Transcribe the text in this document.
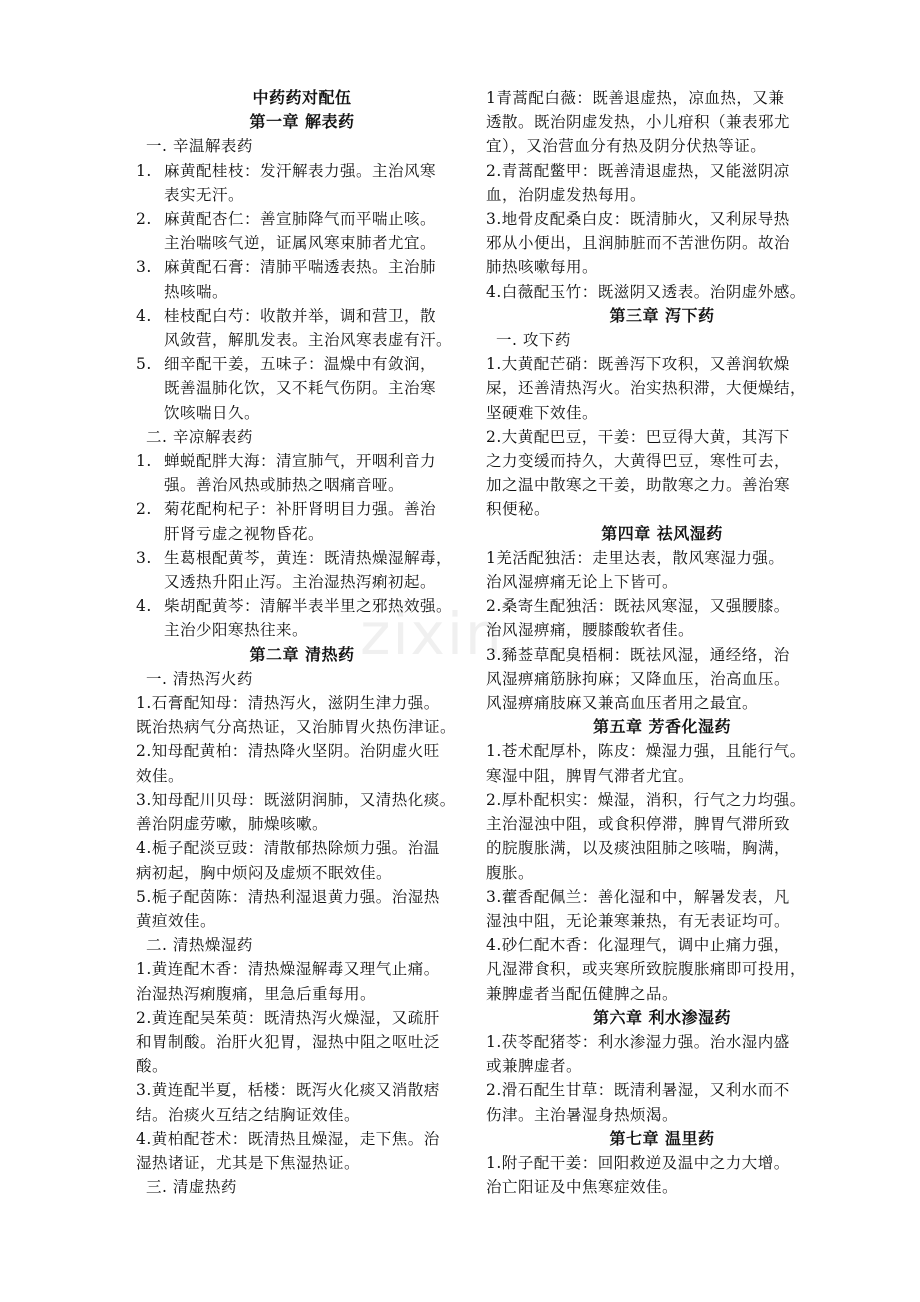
zixin
中药药对配伍
第一章 解表药
一. 辛温解表药
1. 麻黄配桂枝：发汗解表力强。主治风寒
表实无汗。
2. 麻黄配杏仁：善宣肺降气而平喘止咳。
主治喘咳气逆，证属风寒束肺者尤宜。
3. 麻黄配石膏：清肺平喘透表热。主治肺
热咳喘。
4. 桂枝配白芍：收散并举，调和营卫，散
风敛营，解肌发表。主治风寒表虚有汗。
5. 细辛配干姜，五味子：温燥中有敛润，
既善温肺化饮，又不耗气伤阴。主治寒
饮咳喘日久。
二. 辛凉解表药
1. 蝉蜕配胖大海：清宣肺气，开咽利音力
强。善治风热或肺热之咽痛音哑。
2. 菊花配枸杞子：补肝肾明目力强。善治
肝肾亏虚之视物昏花。
3. 生葛根配黄芩，黄连：既清热燥湿解毒，
又透热升阳止泻。主治湿热泻痢初起。
4. 柴胡配黄芩：清解半表半里之邪热效强。
主治少阳寒热往来。
第二章 清热药
一. 清热泻火药
1.石膏配知母：清热泻火，滋阴生津力强。
既治热病气分高热证，又治肺胃火热伤津证。
2.知母配黄柏：清热降火坚阴。治阴虚火旺
效佳。
3.知母配川贝母：既滋阴润肺，又清热化痰。
善治阴虚劳嗽，肺燥咳嗽。
4.栀子配淡豆豉：清散郁热除烦力强。治温
病初起，胸中烦闷及虚烦不眠效佳。
5.栀子配茵陈：清热利湿退黄力强。治湿热
黄疸效佳。
二. 清热燥湿药
1.黄连配木香：清热燥湿解毒又理气止痛。
治湿热泻痢腹痛，里急后重每用。
2.黄连配吴茱萸：既清热泻火燥湿，又疏肝
和胃制酸。治肝火犯胃，湿热中阻之呕吐泛
酸。
3.黄连配半夏，栝楼：既泻火化痰又消散痞
结。治痰火互结之结胸证效佳。
4.黄柏配苍术：既清热且燥湿，走下焦。治
湿热诸证，尤其是下焦湿热证。
三. 清虚热药
1青蒿配白薇：既善退虚热，凉血热，又兼
透散。既治阴虚发热，小儿疳积（兼表邪尤
宜），又治营血分有热及阴分伏热等证。
2.青蒿配鳖甲：既善清退虚热，又能滋阴凉
血，治阴虚发热每用。
3.地骨皮配桑白皮：既清肺火，又利尿导热
邪从小便出，且润肺脏而不苦泄伤阴。故治
肺热咳嗽每用。
4.白薇配玉竹：既滋阴又透表。治阴虚外感。
第三章 泻下药
一. 攻下药
1.大黄配芒硝：既善泻下攻积，又善润软燥
屎，还善清热泻火。治实热积滞，大便燥结，
坚硬难下效佳。
2.大黄配巴豆，干姜：巴豆得大黄，其泻下
之力变缓而持久，大黄得巴豆，寒性可去，
加之温中散寒之干姜，助散寒之力。善治寒
积便秘。
第四章 祛风湿药
1羌活配独活：走里达表，散风寒湿力强。
治风湿痹痛无论上下皆可。
2.桑寄生配独活：既祛风寒湿，又强腰膝。
治风湿痹痛，腰膝酸软者佳。
3.豨莶草配臭梧桐：既祛风湿，通经络，治
风湿痹痛筋脉拘麻；又降血压，治高血压。
风湿痹痛肢麻又兼高血压者用之最宜。
第五章 芳香化湿药
1.苍术配厚朴，陈皮：燥湿力强，且能行气。
寒湿中阻，脾胃气滞者尤宜。
2.厚朴配枳实：燥湿，消积，行气之力均强。
主治湿浊中阻，或食积停滞，脾胃气滞所致
的脘腹胀满，以及痰浊阻肺之咳喘，胸满，
腹胀。
3.藿香配佩兰：善化湿和中，解暑发表，凡
湿浊中阻，无论兼寒兼热，有无表证均可。
4.砂仁配木香：化湿理气，调中止痛力强，
凡湿滞食积，或夹寒所致脘腹胀痛即可投用，
兼脾虚者当配伍健脾之品。
第六章 利水渗湿药
1.茯苓配猪苓：利水渗湿力强。治水湿内盛
或兼脾虚者。
2.滑石配生甘草：既清利暑湿，又利水而不
伤津。主治暑湿身热烦渴。
第七章 温里药
1.附子配干姜：回阳救逆及温中之力大增。
治亡阳证及中焦寒症效佳。
